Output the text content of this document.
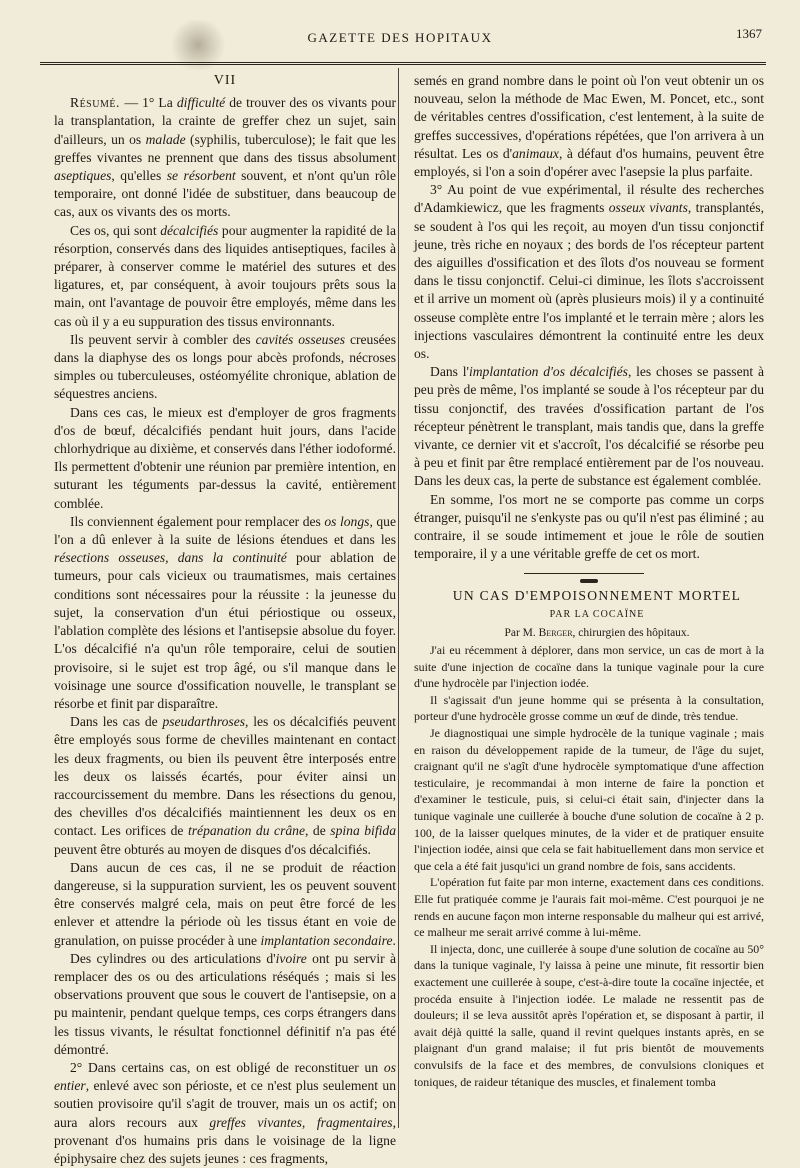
GAZETTE DES HOPITAUX	1367
VII

Résumé. — 1° La difficulté de trouver des os vivants pour la transplantation, la crainte de greffer chez un sujet, sain d'ailleurs, un os malade (syphilis, tuberculose); le fait que les greffes vivantes ne prennent que dans des tissus absolument aseptiques, qu'elles se résorbent souvent, et n'ont qu'un rôle temporaire, ont donné l'idée de substituer, dans beaucoup de cas, aux os vivants des os morts.

Ces os, qui sont décalcifiés pour augmenter la rapidité de la résorption, conservés dans des liquides antiseptiques, faciles à préparer, à conserver comme le matériel des sutures et des ligatures, et, par conséquent, à avoir toujours prêts sous la main, ont l'avantage de pouvoir être employés, même dans les cas où il y a eu suppuration des tissus environnants.

Ils peuvent servir à combler des cavités osseuses creusées dans la diaphyse des os longs pour abcès profonds, nécroses simples ou tuberculeuses, ostéomyélite chronique, ablation de séquestres anciens.

Dans ces cas, le mieux est d'employer de gros fragments d'os de bœuf, décalcifiés pendant huit jours, dans l'acide chlorhydrique au dixième, et conservés dans l'éther iodoformé. Ils permettent d'obtenir une réunion par première intention, en suturant les téguments par-dessus la cavité, entièrement comblée.

Ils conviennent également pour remplacer des os longs, que l'on a dû enlever à la suite de lésions étendues et dans les résections osseuses, dans la continuité pour ablation de tumeurs, pour cals vicieux ou traumatismes, mais certaines conditions sont nécessaires pour la réussite : la jeunesse du sujet, la conservation d'un étui périostique ou osseux, l'ablation complète des lésions et l'antisepsie absolue du foyer. L'os décalcifié n'a qu'un rôle temporaire, celui de soutien provisoire, si le sujet est trop âgé, ou s'il manque dans le voisinage une source d'ossification nouvelle, le transplant se résorbe et finit par disparaître.

Dans les cas de pseudarthroses, les os décalcifiés peuvent être employés sous forme de chevilles maintenant en contact les deux fragments, ou bien ils peuvent être interposés entre les deux os laissés écartés, pour éviter ainsi un raccourcissement du membre. Dans les résections du genou, des chevilles d'os décalcifiés maintiennent les deux os en contact. Les orifices de trépanation du crâne, de spina bifida peuvent être obturés au moyen de disques d'os décalcifiés.

Dans aucun de ces cas, il ne se produit de réaction dangereuse, si la suppuration survient, les os peuvent souvent être conservés malgré cela, mais on peut être forcé de les enlever et attendre la période où les tissus étant en voie de granulation, on puisse procéder à une implantation secondaire.

Des cylindres ou des articulations d'ivoire ont pu servir à remplacer des os ou des articulations réséqués ; mais si les observations prouvent que sous le couvert de l'antisepsie, on a pu maintenir, pendant quelque temps, ces corps étrangers dans les tissus vivants, le résultat fonctionnel définitif n'a pas été démontré.

2° Dans certains cas, on est obligé de reconstituer un os entier, enlevé avec son périoste, et ce n'est plus seulement un soutien provisoire qu'il s'agit de trouver, mais un os actif; on aura alors recours aux greffes vivantes, fragmentaires, provenant d'os humains pris dans le voisinage de la ligne épiphysaire chez des sujets jeunes : ces fragments,

semés en grand nombre dans le point où l'on veut obtenir un os nouveau, selon la méthode de Mac Ewen, M. Poncet, etc., sont de véritables centres d'ossification, c'est lentement, à la suite de greffes successives, d'opérations répétées, que l'on arrivera à un résultat. Les os d'animaux, à défaut d'os humains, peuvent être employés, si l'on a soin d'opérer avec l'asepsie la plus parfaite.

3° Au point de vue expérimental, il résulte des recherches d'Adamkiewicz, que les fragments osseux vivants, transplantés, se soudent à l'os qui les reçoit, au moyen d'un tissu conjonctif jeune, très riche en noyaux ; des bords de l'os récepteur partent des aiguilles d'ossification et des îlots d'os nouveau se forment dans le tissu conjonctif. Celui-ci diminue, les îlots s'accroissent et il arrive un moment où (après plusieurs mois) il y a continuité osseuse complète entre l'os implanté et le terrain mère ; alors les injections vasculaires démontrent la continuité entre les deux os.

Dans l'implantation d'os décalcifiés, les choses se passent à peu près de même, l'os implanté se soude à l'os récepteur par du tissu conjonctif, des travées d'ossification partant de l'os récepteur pénètrent le transplant, mais tandis que, dans la greffe vivante, ce dernier vit et s'accroît, l'os décalcifié se résorbe peu à peu et finit par être remplacé entièrement par de l'os nouveau. Dans les deux cas, la perte de substance est également comblée.

En somme, l'os mort ne se comporte pas comme un corps étranger, puisqu'il ne s'enkyste pas ou qu'il n'est pas éliminé ; au contraire, il se soude intimement et joue le rôle de soutien temporaire, il y a une véritable greffe de cet os mort.

UN CAS D'EMPOISONNEMENT MORTEL

PAR LA COCAÏNE

Par M. Berger, chirurgien des hôpitaux.

J'ai eu récemment à déplorer, dans mon service, un cas de mort à la suite d'une injection de cocaïne dans la tunique vaginale pour la cure d'une hydrocèle par l'injection iodée.

Il s'agissait d'un jeune homme qui se présenta à la consultation, porteur d'une hydrocèle grosse comme un œuf de dinde, très tendue.

Je diagnostiquai une simple hydrocèle de la tunique vaginale ; mais en raison du développement rapide de la tumeur, de l'âge du sujet, craignant qu'il ne s'agît d'une hydrocèle symptomatique d'une affection testiculaire, je recommandai à mon interne de faire la ponction et d'examiner le testicule, puis, si celui-ci était sain, d'injecter dans la tunique vaginale une cuillerée à bouche d'une solution de cocaïne à 2 p. 100, de la laisser quelques minutes, de la vider et de pratiquer ensuite l'injection iodée, ainsi que cela se fait habituellement dans mon service et que cela a été fait jusqu'ici un grand nombre de fois, sans accidents.

L'opération fut faite par mon interne, exactement dans ces conditions. Elle fut pratiquée comme je l'aurais fait moi-même. C'est pourquoi je ne rends en aucune façon mon interne responsable du malheur qui est arrivé, ce malheur me serait arrivé comme à lui-même.

Il injecta, donc, une cuillerée à soupe d'une solution de cocaïne au 50° dans la tunique vaginale, l'y laissa à peine une minute, fit ressortir bien exactement une cuillerée à soupe, c'est-à-dire toute la cocaïne injectée, et procéda ensuite à l'injection iodée. Le malade ne ressentit pas de douleurs; il se leva aussitôt après l'opération et, se disposant à partir, il avait déjà quitté la salle, quand il revint quelques instants après, en se plaignant d'un grand malaise; il fut pris bientôt de mouvements convulsifs de la face et des membres, de convulsions cloniques et toniques, de raideur tétanique des muscles, et finalement tomba
